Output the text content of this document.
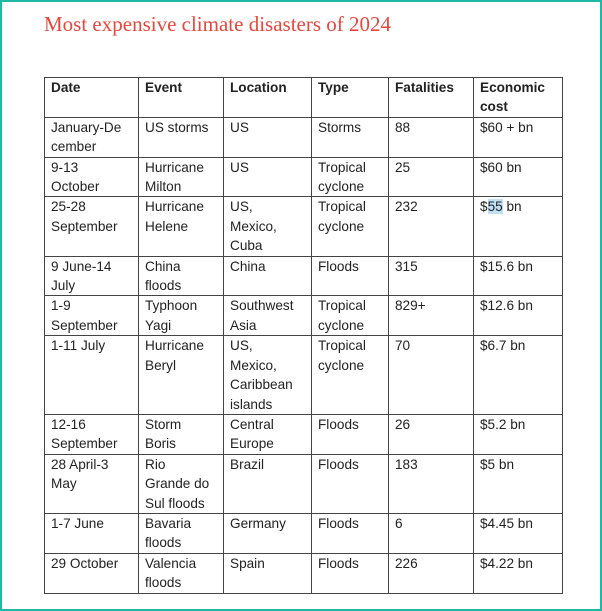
Most expensive climate disasters of 2024
Date	Event	Location	Type	Fatalities	Economic
cost
January-De
cember	US storms	US	Storms	88	$60 + bn
9-13
October	Hurricane
Milton	US	Tropical
cyclone	25	$60 bn
25-28
September	Hurricane
Helene	US,
Mexico,
Cuba	Tropical
cyclone	232	$55 bn
9 June-14
July	China
floods	China	Floods	315	$15.6 bn
1-9
September	Typhoon
Yagi	Southwest
Asia	Tropical
cyclone	829+	$12.6 bn
1-11 July	Hurricane
Beryl	US,
Mexico,
Caribbean
islands	Tropical
cyclone	70	$6.7 bn
12-16
September	Storm
Boris	Central
Europe	Floods	26	$5.2 bn
28 April-3
May	Rio
Grande do
Sul floods	Brazil	Floods	183	$5 bn
1-7 June	Bavaria
floods	Germany	Floods	6	$4.45 bn
29 October	Valencia
floods	Spain	Floods	226	$4.22 bn
